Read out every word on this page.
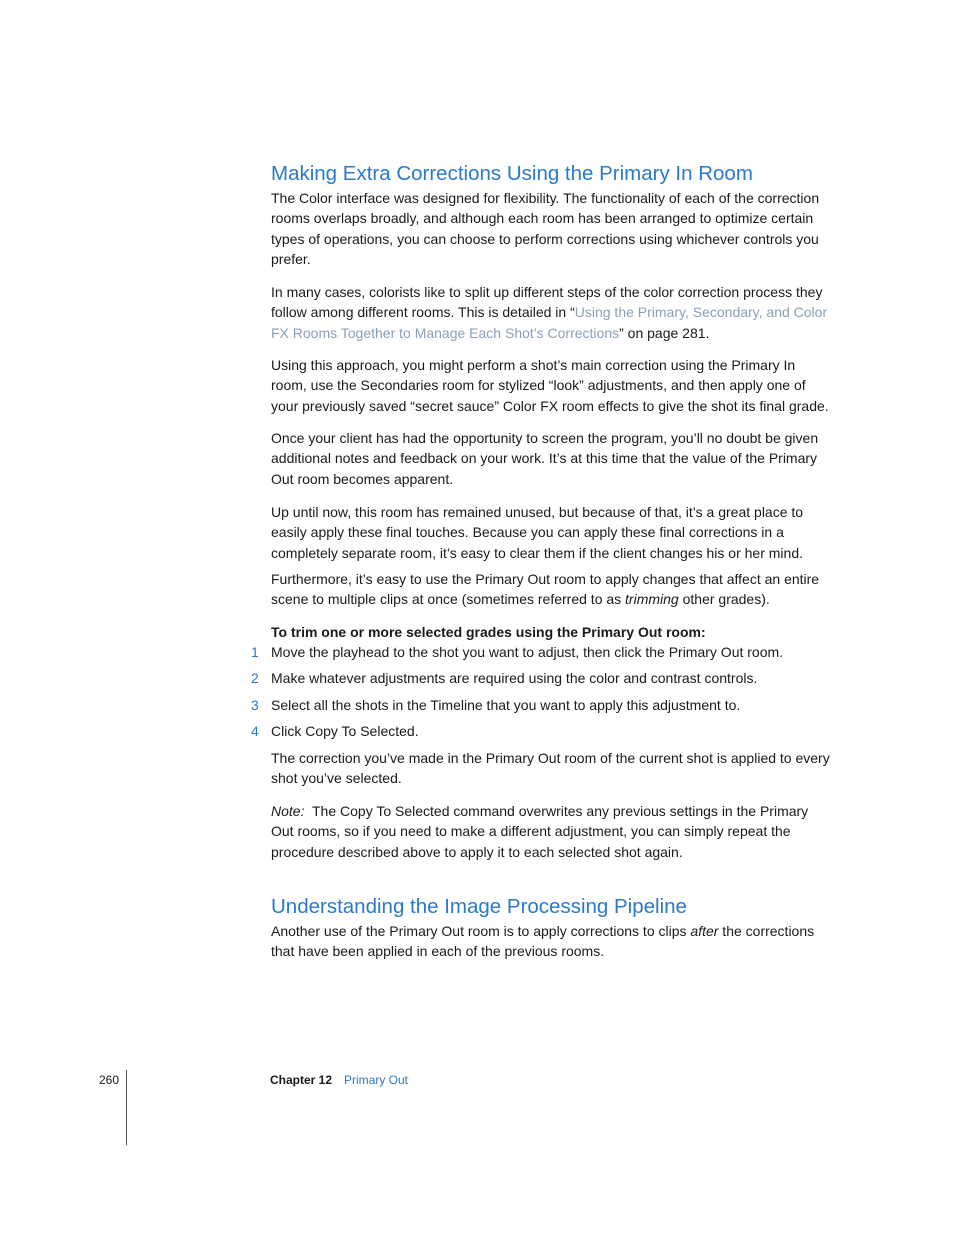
Making Extra Corrections Using the Primary In Room

The Color interface was designed for flexibility. The functionality of each of the correction rooms overlaps broadly, and although each room has been arranged to optimize certain types of operations, you can choose to perform corrections using whichever controls you prefer.

In many cases, colorists like to split up different steps of the color correction process they follow among different rooms. This is detailed in “Using the Primary, Secondary, and Color FX Rooms Together to Manage Each Shot’s Corrections” on page 281.

Using this approach, you might perform a shot’s main correction using the Primary In room, use the Secondaries room for stylized “look” adjustments, and then apply one of your previously saved “secret sauce” Color FX room effects to give the shot its final grade.

Once your client has had the opportunity to screen the program, you’ll no doubt be given additional notes and feedback on your work. It’s at this time that the value of the Primary Out room becomes apparent.

Up until now, this room has remained unused, but because of that, it’s a great place to easily apply these final touches. Because you can apply these final corrections in a completely separate room, it’s easy to clear them if the client changes his or her mind.

Furthermore, it’s easy to use the Primary Out room to apply changes that affect an entire scene to multiple clips at once (sometimes referred to as trimming other grades).

To trim one or more selected grades using the Primary Out room:

1 Move the playhead to the shot you want to adjust, then click the Primary Out room.
2 Make whatever adjustments are required using the color and contrast controls.
3 Select all the shots in the Timeline that you want to apply this adjustment to.
4 Click Copy To Selected.

The correction you’ve made in the Primary Out room of the current shot is applied to every shot you’ve selected.

Note:  The Copy To Selected command overwrites any previous settings in the Primary Out rooms, so if you need to make a different adjustment, you can simply repeat the procedure described above to apply it to each selected shot again.

Understanding the Image Processing Pipeline

Another use of the Primary Out room is to apply corrections to clips after the corrections that have been applied in each of the previous rooms.

260	Chapter 12 Primary Out
